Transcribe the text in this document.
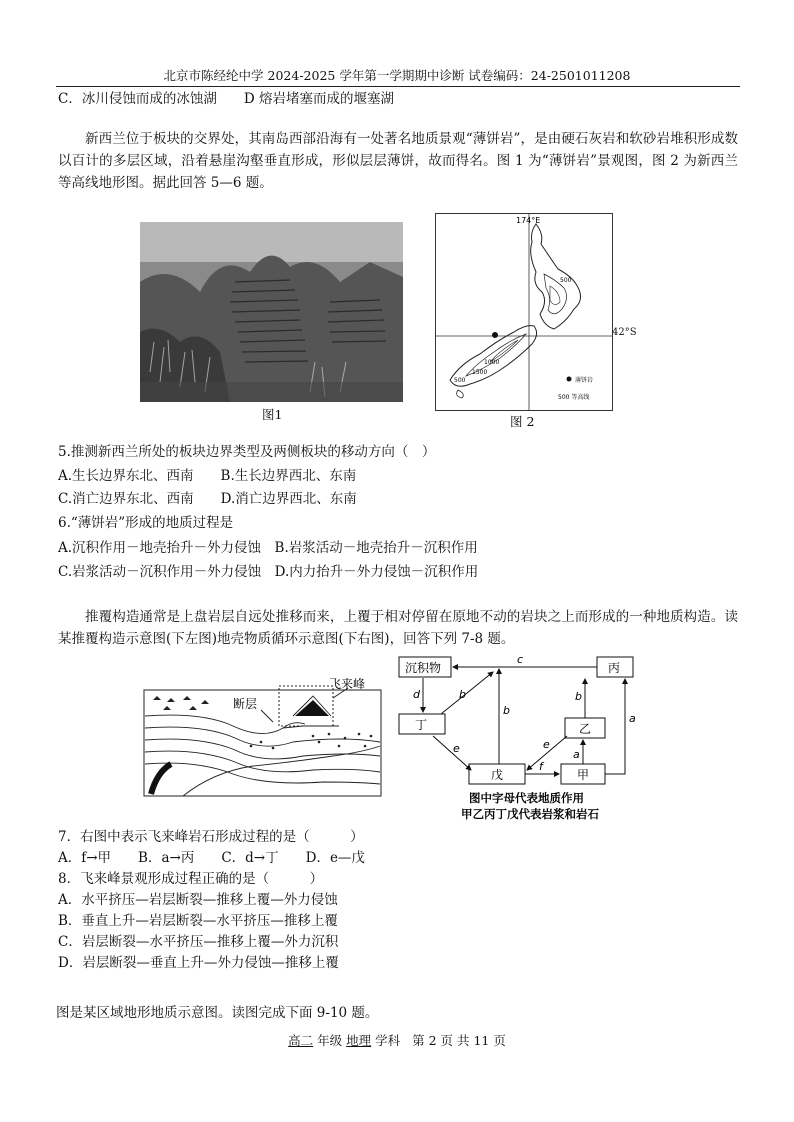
北京市陈经纶中学 2024-2025 学年第一学期期中诊断 试卷编码：24-2501011208
C．冰川侵蚀而成的冰蚀湖　　D 熔岩堵塞而成的堰塞湖
新西兰位于板块的交界处，其南岛西部沿海有一处著名地质景观“薄饼岩”，是由硬石灰岩和软砂岩堆积形成数以百计的多层区域，沿着悬崖沟壑垂直形成，形似层层薄饼，故而得名。图 1 为“薄饼岩”景观图，图 2 为新西兰等高线地形图。据此回答 5—6 题。
图1
174°E
500
1000
1500
500	薄饼岩
500 等高线
42°S
图 2
5.推测新西兰所处的板块边界类型及两侧板块的移动方向（　）
A.生长边界东北、西南　　B.生长边界西北、东南
C.消亡边界东北、西南　　D.消亡边界西北、东南
6.“薄饼岩”形成的地质过程是
A.沉积作用－地壳抬升－外力侵蚀　B.岩浆活动－地壳抬升－沉积作用
C.岩浆活动－沉积作用－外力侵蚀　D.内力抬升－外力侵蚀－沉积作用
推覆构造通常是上盘岩层自远处推移而来，上覆于相对停留在原地不动的岩块之上而形成的一种地质构造。读某推覆构造示意图(下左图)地壳物质循环示意图(下右图)，回答下列 7-8 题。
断层
飞来峰
沉积物	丙
丁	乙
戊	甲
c
d	b
b
b
a
a
e	e
f
图中字母代表地质作用
甲乙丙丁戊代表岩浆和岩石
7．右图中表示飞来峰岩石形成过程的是（　　　）
A．f→甲　　B．a→丙　　C．d→丁　　D．e—戊
8．飞来峰景观形成过程正确的是（　　　）
A．水平挤压—岩层断裂—推移上覆—外力侵蚀
B．垂直上升—岩层断裂—水平挤压—推移上覆
C．岩层断裂—水平挤压—推移上覆—外力沉积
D．岩层断裂—垂直上升—外力侵蚀—推移上覆
图是某区域地形地质示意图。读图完成下面 9-10 题。
高二 年级 地理 学科 第 2 页 共 11 页
